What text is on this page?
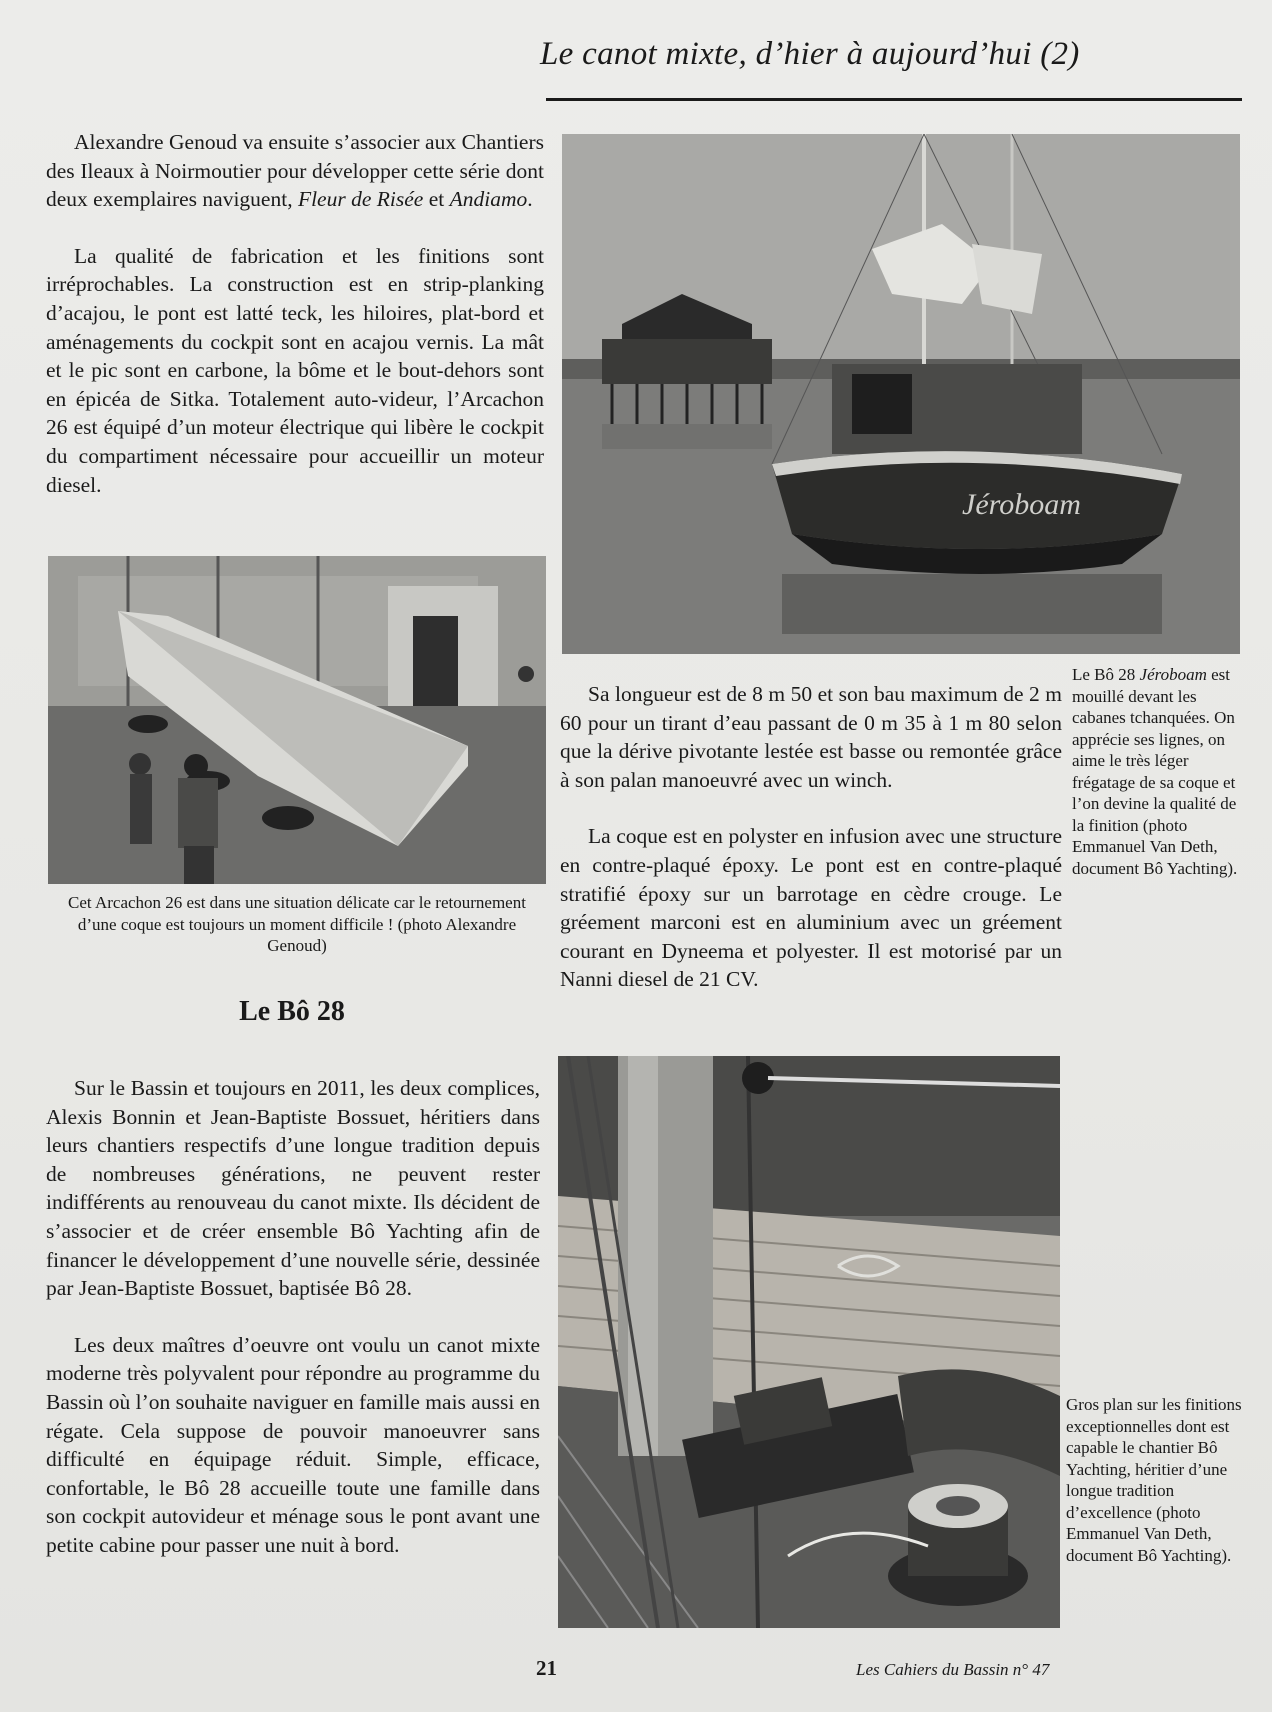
Le canot mixte, d’hier à aujourd’hui (2)

Alexandre Genoud va ensuite s’associer aux Chantiers des Ileaux à Noirmoutier pour développer cette série dont deux exemplaires naviguent, Fleur de Risée et Andiamo.

La qualité de fabrication et les finitions sont irréprochables. La construction est en strip-planking d’acajou, le pont est latté teck, les hiloires, plat-bord et aménagements du cockpit sont en acajou vernis. La mât et le pic sont en carbone, la bôme et le bout-dehors sont en épicéa de Sitka. Totalement auto-videur, l’Arcachon 26 est équipé d’un moteur électrique qui libère le cockpit du compartiment nécessaire pour accueillir un moteur diesel.

Cet Arcachon 26 est dans une situation délicate car le retournement d’une coque est toujours un moment difficile ! (photo Alexandre Genoud)
Le Bô 28

Sur le Bassin et toujours en 2011, les deux complices, Alexis Bonnin et Jean-Baptiste Bossuet, héritiers dans leurs chantiers respectifs d’une longue tradition depuis de nombreuses générations, ne peuvent rester indifférents au renouveau du canot mixte. Ils décident de s’associer et de créer ensemble Bô Yachting afin de financer le développement d’une nouvelle série, dessinée par Jean-Baptiste Bossuet, baptisée Bô 28.

Les deux maîtres d’oeuvre ont voulu un canot mixte moderne très polyvalent pour répondre au programme du Bassin où l’on souhaite naviguer en famille mais aussi en régate. Cela suppose de pouvoir manoeuvrer sans difficulté en équipage réduit. Simple, efficace, confortable, le Bô 28 accueille toute une famille dans son cockpit autovideur et ménage sous le pont avant une petite cabine pour passer une nuit à bord.

Jéroboam
Le Bô 28 Jéroboam est mouillé devant les cabanes tchanquées. On apprécie ses lignes, on aime le très léger frégatage de sa coque et l’on devine la qualité de la finition (photo Emmanuel Van Deth, document Bô Yachting).

Sa longueur est de 8 m 50 et son bau maximum de 2 m 60 pour un tirant d’eau passant de 0 m 35 à 1 m 80 selon que la dérive pivotante lestée est basse ou remontée grâce à son palan manoeuvré avec un winch.

La coque est en polyster en infusion avec une structure en contre-plaqué époxy. Le pont est en contre-plaqué stratifié époxy sur un barrotage en cèdre crouge. Le gréement marconi est en aluminium avec un gréement courant en Dyneema et polyester. Il est motorisé par un Nanni diesel de 21 CV.

Gros plan sur les finitions exceptionnelles dont est capable le chantier Bô Yachting, héritier d’une longue tradition d’excellence (photo Emmanuel Van Deth, document Bô Yachting).
21	Les Cahiers du Bassin n° 47
